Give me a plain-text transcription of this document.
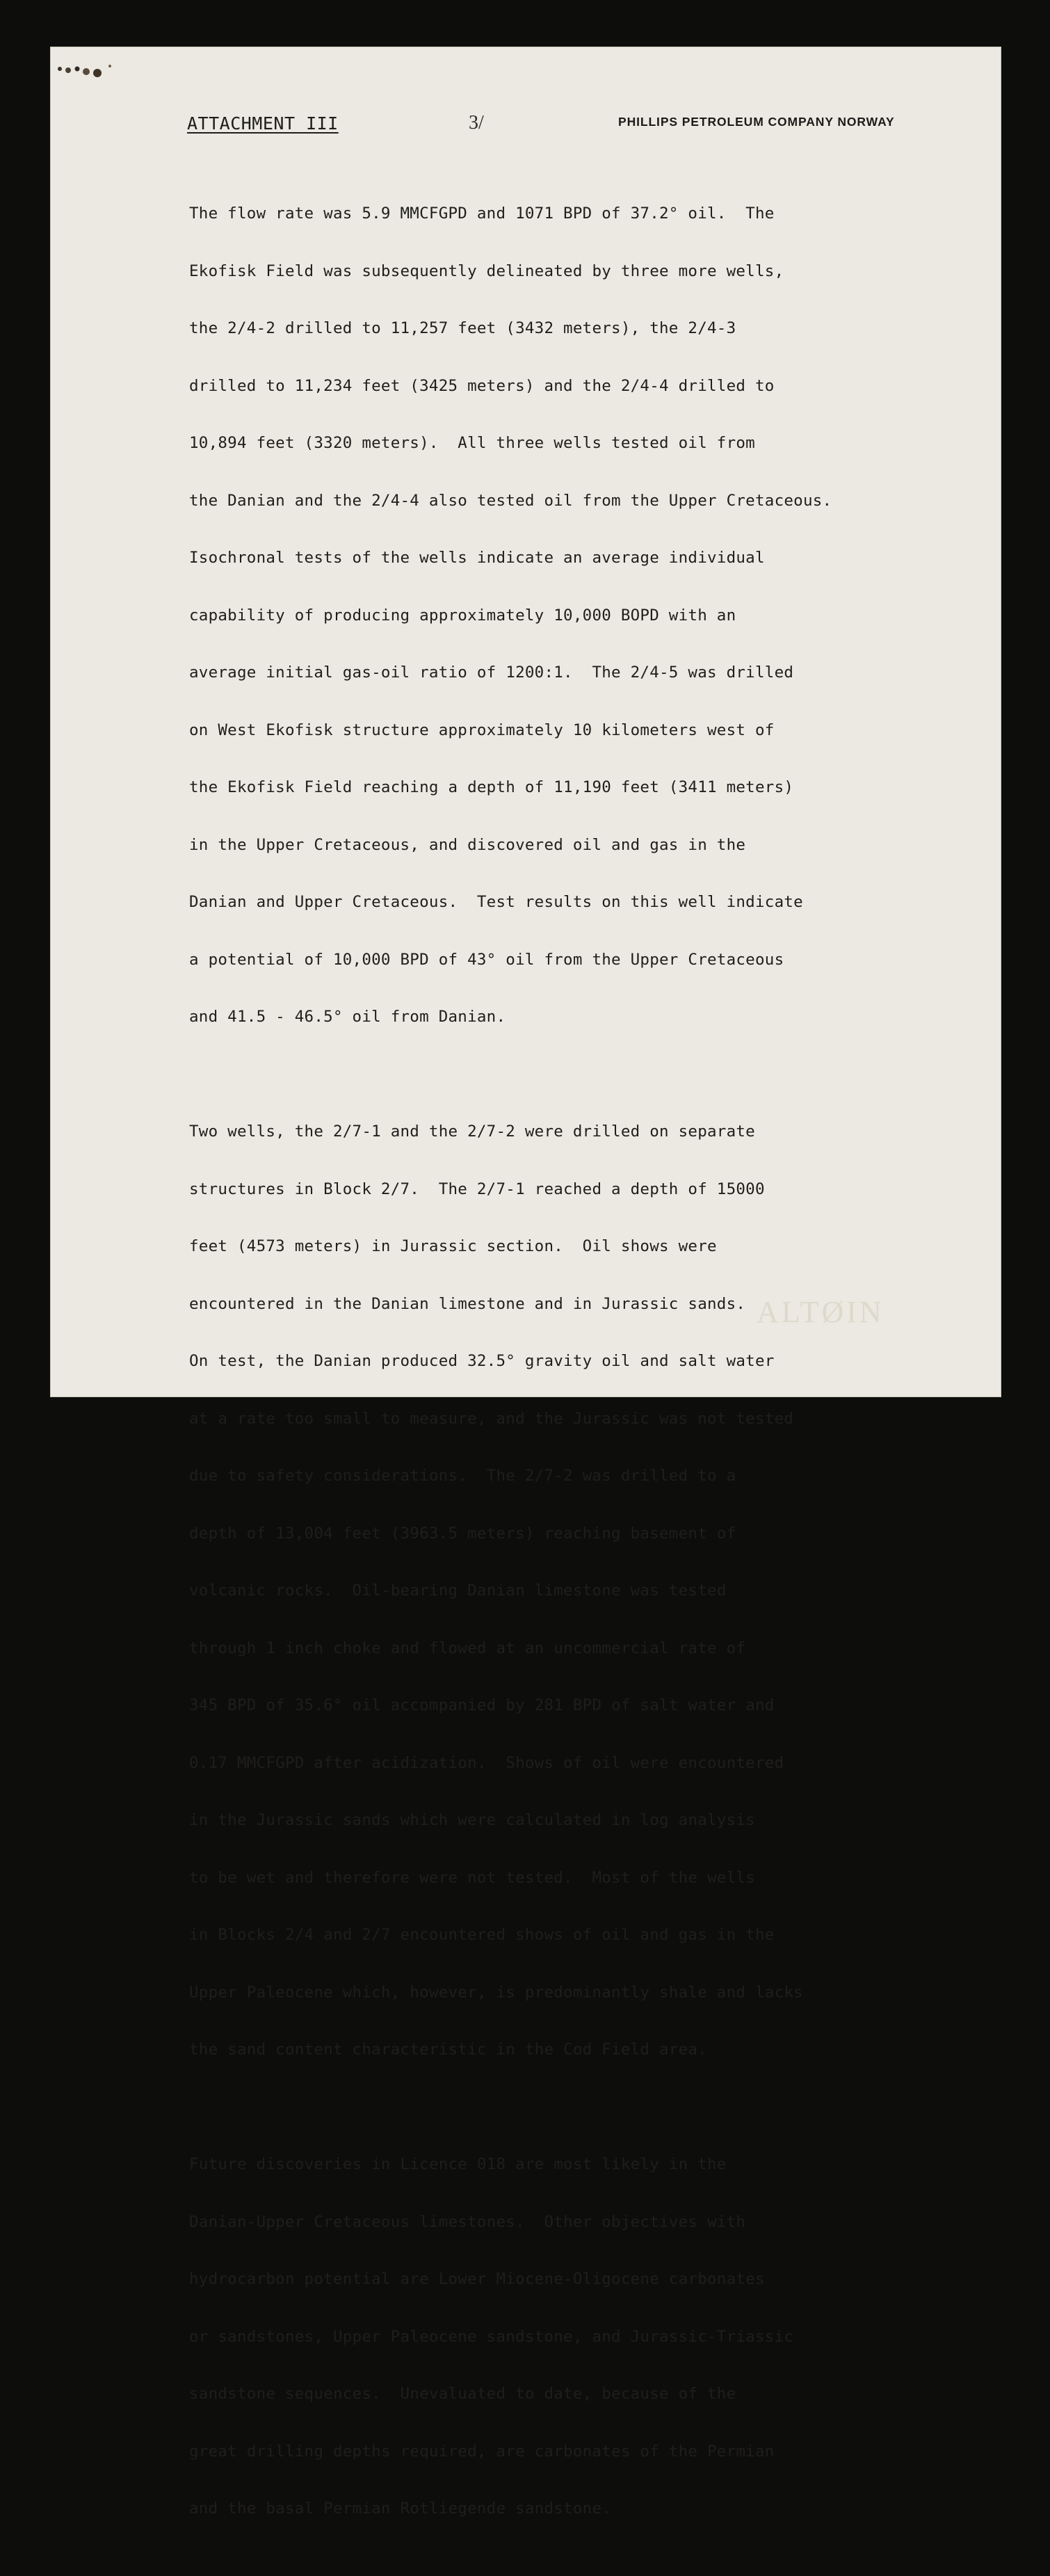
ATTACHMENT III	3/	PHILLIPS PETROLEUM COMPANY NORWAY

The flow rate was 5.9 MMCFGPD and 1071 BPD of 37.2° oil.  The

Ekofisk Field was subsequently delineated by three more wells,

the 2/4-2 drilled to 11,257 feet (3432 meters), the 2/4-3

drilled to 11,234 feet (3425 meters) and the 2/4-4 drilled to

10,894 feet (3320 meters).  All three wells tested oil from

the Danian and the 2/4-4 also tested oil from the Upper Cretaceous.

Isochronal tests of the wells indicate an average individual

capability of producing approximately 10,000 BOPD with an

average initial gas-oil ratio of 1200:1.  The 2/4-5 was drilled

on West Ekofisk structure approximately 10 kilometers west of

the Ekofisk Field reaching a depth of 11,190 feet (3411 meters)

in the Upper Cretaceous, and discovered oil and gas in the

Danian and Upper Cretaceous.  Test results on this well indicate

a potential of 10,000 BPD of 43° oil from the Upper Cretaceous

and 41.5 - 46.5° oil from Danian.

Two wells, the 2/7-1 and the 2/7-2 were drilled on separate

structures in Block 2/7.  The 2/7-1 reached a depth of 15000

feet (4573 meters) in Jurassic section.  Oil shows were

encountered in the Danian limestone and in Jurassic sands.

On test, the Danian produced 32.5° gravity oil and salt water

at a rate too small to measure, and the Jurassic was not tested

due to safety considerations.  The 2/7-2 was drilled to a

depth of 13,004 feet (3963.5 meters) reaching basement of

volcanic rocks.  Oil-bearing Danian limestone was tested

through 1 inch choke and flowed at an uncommercial rate of

345 BPD of 35.6° oil accompanied by 281 BPD of salt water and

0.17 MMCFGPD after acidization.  Shows of oil were encountered

in the Jurassic sands which were calculated in log analysis

to be wet and therefore were not tested.  Most of the wells

in Blocks 2/4 and 2/7 encountered shows of oil and gas in the

Upper Paleocene which, however, is predominantly shale and lacks

the sand content characteristic in the Cod Field area.

Future discoveries in Licence 018 are most likely in the

Danian-Upper Cretaceous limestones.  Other objectives with

hydrocarbon potential are Lower Miocene-Oligocene carbonates

or sandstones, Upper Paleocene sandstone, and Jurassic-Triassic

sandstone sequences.  Unevaluated to date, because of the

great drilling depths required, are carbonates of the Permian

and the basal Permian Rotliegende sandstone.

ALTØIN
